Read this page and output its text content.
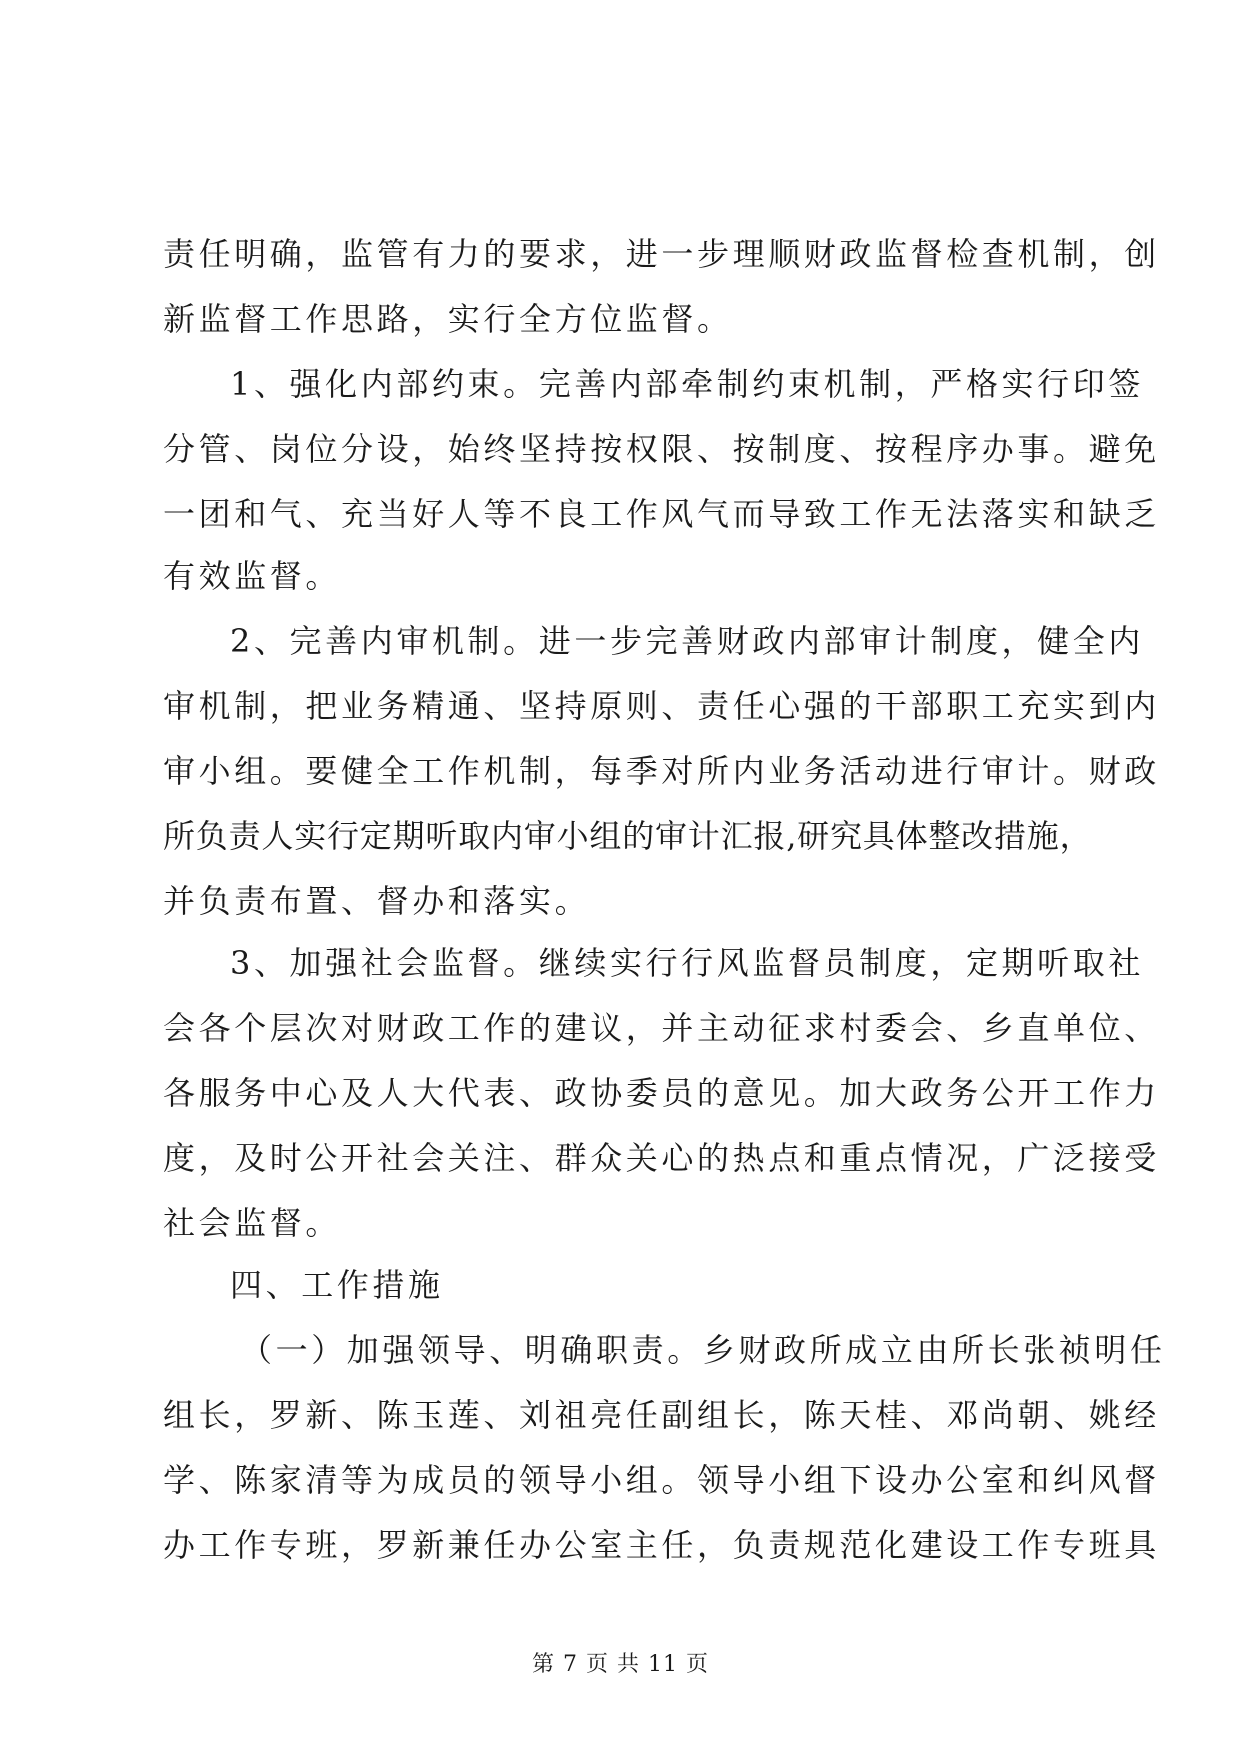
责任明确，监管有力的要求，进一步理顺财政监督检查机制，创
新监督工作思路，实行全方位监督。
1、强化内部约束。完善内部牵制约束机制，严格实行印签
分管、岗位分设，始终坚持按权限、按制度、按程序办事。避免
一团和气、充当好人等不良工作风气而导致工作无法落实和缺乏
有效监督。
2、完善内审机制。进一步完善财政内部审计制度，健全内
审机制，把业务精通、坚持原则、责任心强的干部职工充实到内
审小组。要健全工作机制，每季对所内业务活动进行审计。财政
所负责人实行定期听取内审小组的审计汇报,研究具体整改措施，
并负责布置、督办和落实。
3、加强社会监督。继续实行行风监督员制度，定期听取社
会各个层次对财政工作的建议，并主动征求村委会、乡直单位、
各服务中心及人大代表、政协委员的意见。加大政务公开工作力
度，及时公开社会关注、群众关心的热点和重点情况，广泛接受
社会监督。
四、工作措施
（一）加强领导、明确职责。乡财政所成立由所长张祯明任
组长，罗新、陈玉莲、刘祖亮任副组长，陈天桂、邓尚朝、姚经
学、陈家清等为成员的领导小组。领导小组下设办公室和纠风督
办工作专班，罗新兼任办公室主任，负责规范化建设工作专班具
第 7 页 共 11 页
